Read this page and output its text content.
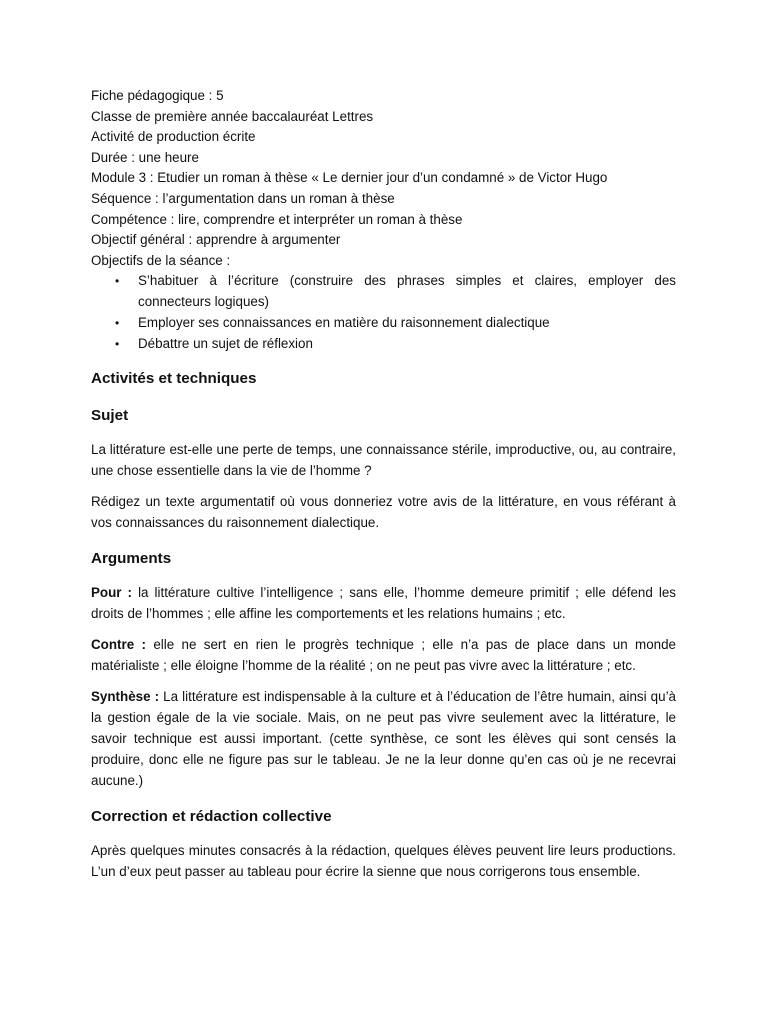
Fiche pédagogique : 5
Classe de première année baccalauréat Lettres
Activité de production écrite
Durée : une heure
Module 3 : Etudier un roman à thèse « Le dernier jour d’un condamné » de Victor Hugo
Séquence : l’argumentation dans un roman à thèse
Compétence : lire, comprendre et interpréter un roman à thèse
Objectif général : apprendre à argumenter
Objectifs de la séance :
• S’habituer à l’écriture (construire des phrases simples et claires, employer des connecteurs logiques)
• Employer ses connaissances en matière du raisonnement dialectique
• Débattre un sujet de réflexion
Activités et techniques
Sujet

La littérature est-elle une perte de temps, une connaissance stérile, improductive, ou, au contraire, une chose essentielle dans la vie de l’homme ?

Rédigez un texte argumentatif où vous donneriez votre avis de la littérature, en vous référant à vos connaissances du raisonnement dialectique.

Arguments

Pour : la littérature cultive l’intelligence ; sans elle, l’homme demeure primitif ; elle défend les droits de l’hommes ; elle affine les comportements et les relations humains ; etc.

Contre : elle ne sert en rien le progrès technique ; elle n’a pas de place dans un monde matérialiste ; elle éloigne l’homme de la réalité ; on ne peut pas vivre avec la littérature ; etc.

Synthèse : La littérature est indispensable à la culture et à l’éducation de l’être humain, ainsi qu’à la gestion égale de la vie sociale. Mais, on ne peut pas vivre seulement avec la littérature, le savoir technique est aussi important. (cette synthèse, ce sont les élèves qui sont censés la produire, donc elle ne figure pas sur le tableau. Je ne la leur donne qu’en cas où je ne recevrai aucune.)

Correction et rédaction collective

Après quelques minutes consacrés à la rédaction, quelques élèves peuvent lire leurs productions. L’un d’eux peut passer au tableau pour écrire la sienne que nous corrigerons tous ensemble.
